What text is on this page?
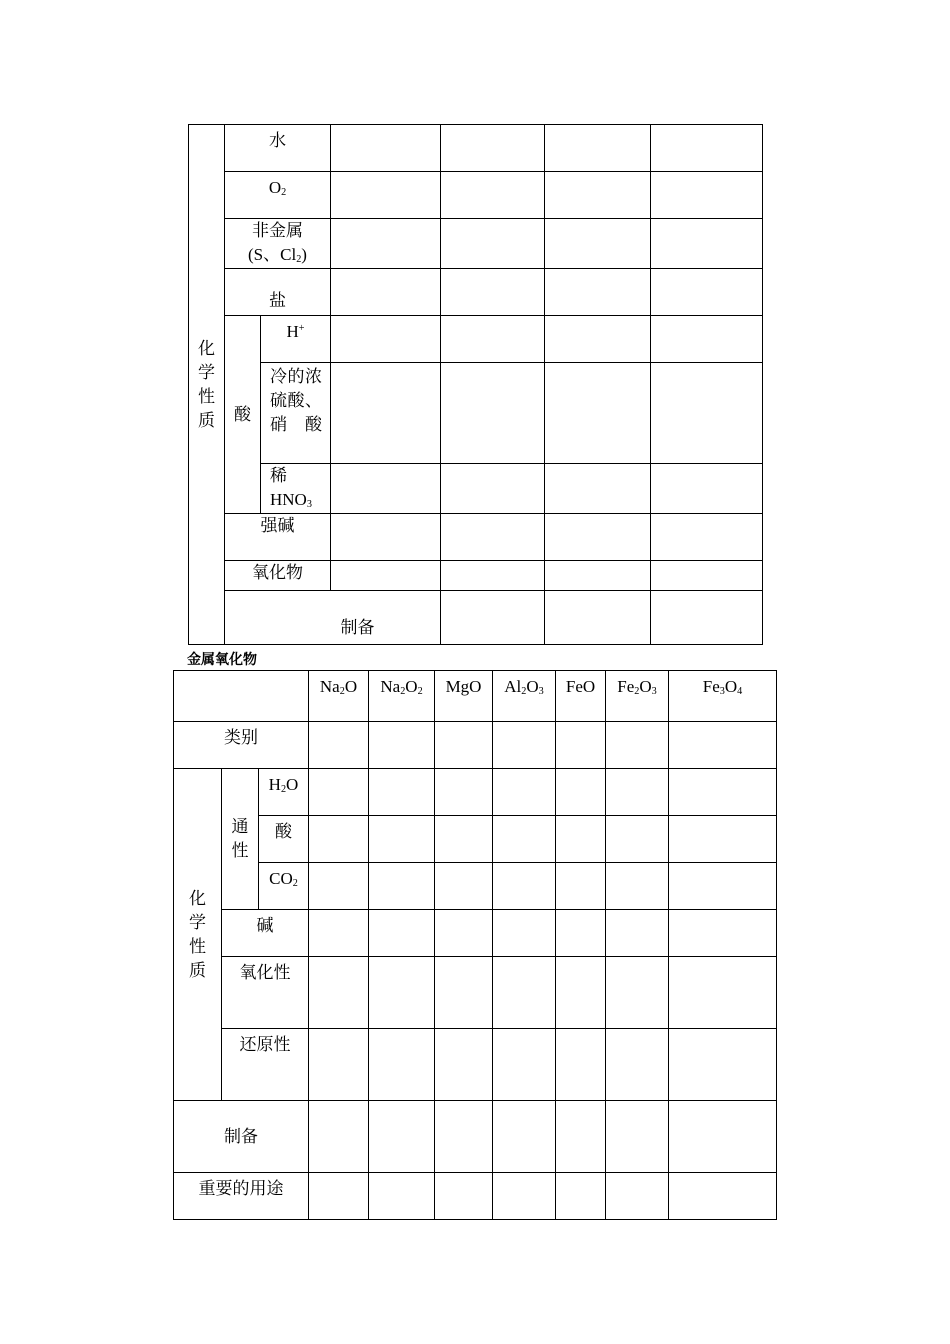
化学性质	水						
	$O_2$				

	非金属
(S、$Cl_2$)						

	盐						
	酸	H+				

		冷的浓硫酸、硝酸					

		稀
$HNO_3$

	强碱						
	氧化物						
	制备						
金属氧化物
			$Na_2O$	$Na_2O_2$	MgO	$Al_2O_3$	FeO	$Fe_2O_3$	$Fe_3O_4$
类别									
化学性质	通性	$H_2O$							
		酸							
		$CO_2$							
	碱								
	氧化性								
	还原性								
制备									
重要的用途									
